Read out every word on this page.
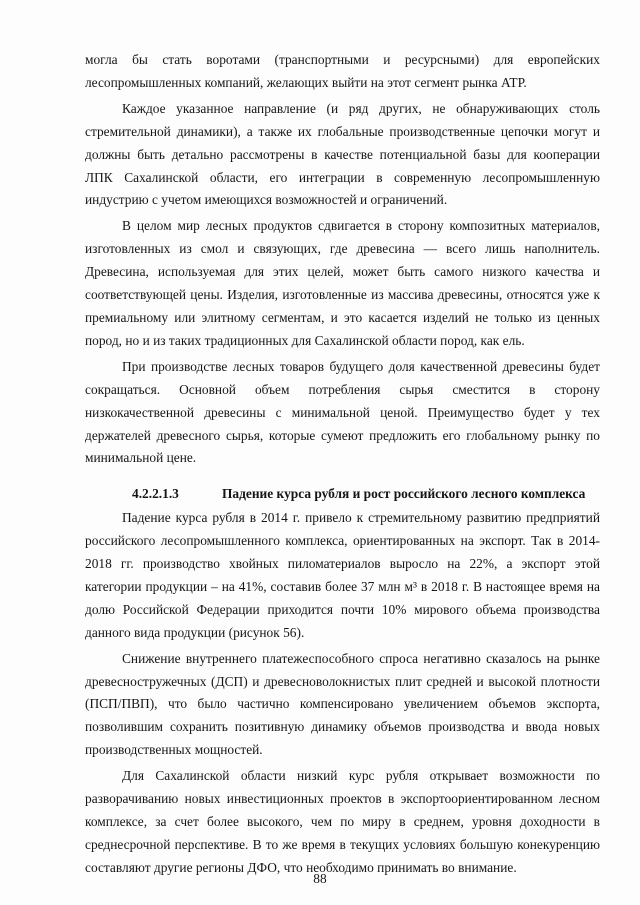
могла бы стать воротами (транспортными и ресурсными) для европейских лесопромышленных компаний, желающих выйти на этот сегмент рынка АТР.

Каждое указанное направление (и ряд других, не обнаруживающих столь стремительной динамики), а также их глобальные производственные цепочки могут и должны быть детально рассмотрены в качестве потенциальной базы для кооперации ЛПК Сахалинской области, его интеграции в современную лесопромышленную индустрию с учетом имеющихся возможностей и ограничений.

В целом мир лесных продуктов сдвигается в сторону композитных материалов, изготовленных из смол и связующих, где древесина — всего лишь наполнитель. Древесина, используемая для этих целей, может быть самого низкого качества и соответствующей цены. Изделия, изготовленные из массива древесины, относятся уже к премиальному или элитному сегментам, и это касается изделий не только из ценных пород, но и из таких традиционных для Сахалинской области пород, как ель.

При производстве лесных товаров будущего доля качественной древесины будет сокращаться. Основной объем потребления сырья сместится в сторону низкокачественной древесины с минимальной ценой. Преимущество будет у тех держателей древесного сырья, которые сумеют предложить его глобальному рынку по минимальной цене.

4.2.2.1.3	Падение курса рубля и рост российского лесного комплекса

Падение курса рубля в 2014 г. привело к стремительному развитию предприятий российского лесопромышленного комплекса, ориентированных на экспорт. Так в 2014-2018 гг. производство хвойных пиломатериалов выросло на 22%, а экспорт этой категории продукции – на 41%, составив более 37 млн м³ в 2018 г. В настоящее время на долю Российской Федерации приходится почти 10% мирового объема производства данного вида продукции (рисунок 56).

Снижение внутреннего платежеспособного спроса негативно сказалось на рынке древесностружечных (ДСП) и древесноволокнистых плит средней и высокой плотности (ПСП/ПВП), что было частично компенсировано увеличением объемов экспорта, позволившим сохранить позитивную динамику объемов производства и ввода новых производственных мощностей.

Для Сахалинской области низкий курс рубля открывает возможности по разворачиванию новых инвестиционных проектов в экспортоориентированном лесном комплексе, за счет более высокого, чем по миру в среднем, уровня доходности в среднесрочной перспективе. В то же время в текущих условиях большую конекуренцию составляют другие регионы ДФО, что необходимо принимать во внимание.

88
